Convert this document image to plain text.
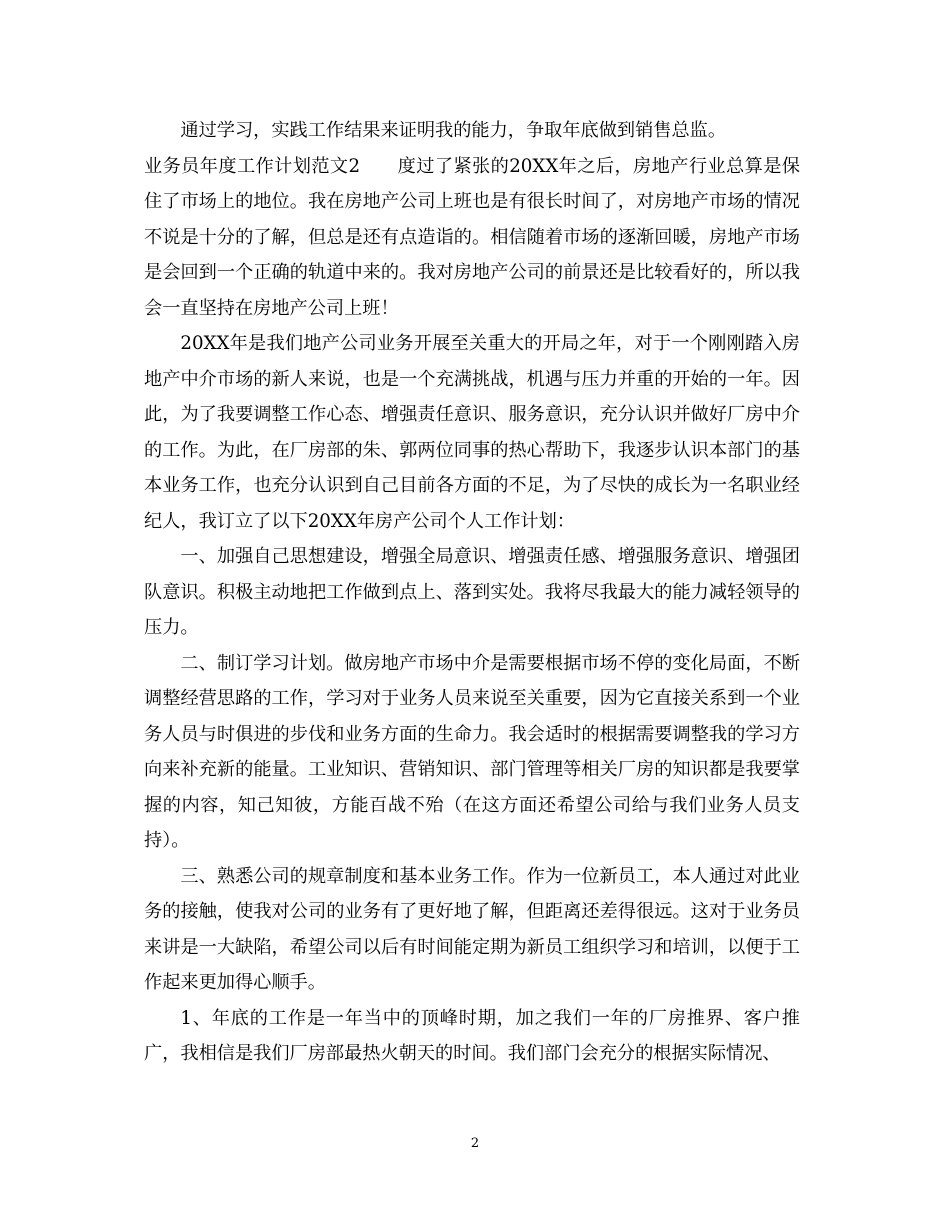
通过学习，实践工作结果来证明我的能力，争取年底做到销售总监。

业务员年度工作计划范文2　　度过了紧张的20XX年之后，房地产行业总算是保住了市场上的地位。我在房地产公司上班也是有很长时间了，对房地产市场的情况不说是十分的了解，但总是还有点造诣的。相信随着市场的逐渐回暖，房地产市场是会回到一个正确的轨道中来的。我对房地产公司的前景还是比较看好的，所以我会一直坚持在房地产公司上班！

20XX年是我们地产公司业务开展至关重大的开局之年，对于一个刚刚踏入房地产中介市场的新人来说，也是一个充满挑战，机遇与压力并重的开始的一年。因此，为了我要调整工作心态、增强责任意识、服务意识，充分认识并做好厂房中介的工作。为此，在厂房部的朱、郭两位同事的热心帮助下，我逐步认识本部门的基本业务工作，也充分认识到自己目前各方面的不足，为了尽快的成长为一名职业经纪人，我订立了以下20XX年房产公司个人工作计划：

一、加强自己思想建设，增强全局意识、增强责任感、增强服务意识、增强团队意识。积极主动地把工作做到点上、落到实处。我将尽我最大的能力减轻领导的压力。

二、制订学习计划。做房地产市场中介是需要根据市场不停的变化局面，不断调整经营思路的工作，学习对于业务人员来说至关重要，因为它直接关系到一个业务人员与时俱进的步伐和业务方面的生命力。我会适时的根据需要调整我的学习方向来补充新的能量。工业知识、营销知识、部门管理等相关厂房的知识都是我要掌握的内容，知己知彼，方能百战不殆（在这方面还希望公司给与我们业务人员支持）。

三、熟悉公司的规章制度和基本业务工作。作为一位新员工，本人通过对此业务的接触，使我对公司的业务有了更好地了解，但距离还差得很远。这对于业务员来讲是一大缺陷，希望公司以后有时间能定期为新员工组织学习和培训，以便于工作起来更加得心顺手。

1、年底的工作是一年当中的顶峰时期，加之我们一年的厂房推界、客户推广，我相信是我们厂房部最热火朝天的时间。我们部门会充分的根据实际情况、

2
